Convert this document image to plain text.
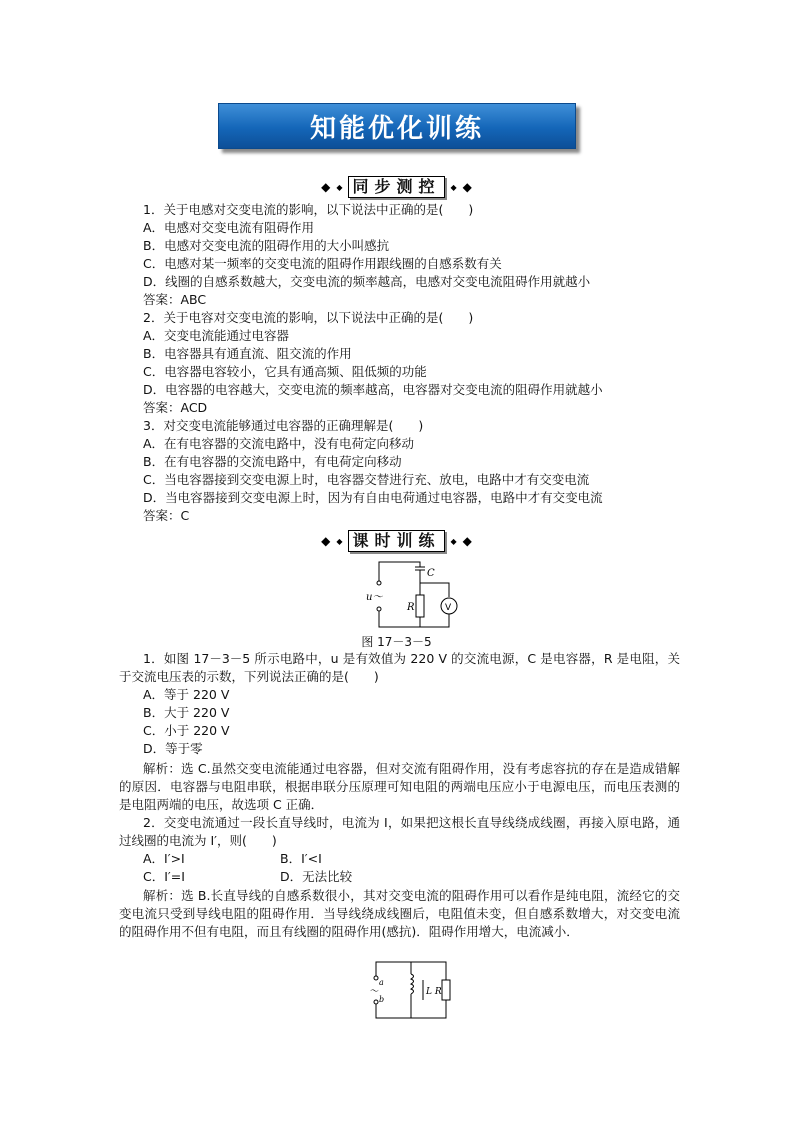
知能优化训练
◆ ◆ 同步测控	◆ ◆
1．关于电感对交变电流的影响，以下说法中正确的是(　　)
A．电感对交变电流有阻碍作用
B．电感对交变电流的阻碍作用的大小叫感抗
C．电感对某一频率的交变电流的阻碍作用跟线圈的自感系数有关
D．线圈的自感系数越大，交变电流的频率越高，电感对交变电流阻碍作用就越小
答案：ABC
2．关于电容对交变电流的影响，以下说法中正确的是(　　)
A．交变电流能通过电容器
B．电容器具有通直流、阻交流的作用
C．电容器电容较小，它具有通高频、阻低频的功能
D．电容器的电容越大，交变电流的频率越高，电容器对交变电流的阻碍作用就越小
答案：ACD
3．对交变电流能够通过电容器的正确理解是(　　)
A．在有电容器的交流电路中，没有电荷定向移动
B．在有电容器的交流电路中，有电荷定向移动
C．当电容器接到交变电源上时，电容器交替进行充、放电，电路中才有交变电流
D．当电容器接到交变电源上时，因为有自由电荷通过电容器，电路中才有交变电流
答案：C
◆ ◆ 课时训练	◆ ◆
u～
C
R	V
图 17－3－5
1．如图 17－3－5 所示电路中，u 是有效值为 220 V 的交流电源，C 是电容器，R 是电阻，关于交流电压表的示数，下列说法正确的是(　　)
A．等于 220 V
B．大于 220 V
C．小于 220 V
D．等于零
解析：选 C.虽然交变电流能通过电容器，但对交流有阻碍作用，没有考虑容抗的存在是造成错解的原因．电容器与电阻串联，根据串联分压原理可知电阻的两端电压应小于电源电压，而电压表测的是电阻两端的电压，故选项 C 正确．
2．交变电流通过一段长直导线时，电流为 I，如果把这根长直导线绕成线圈，再接入原电路，通过线圈的电流为 I′，则(　　)
A．I′>I	B．I′<I
C．I′=I	D．无法比较
解析：选 B.长直导线的自感系数很小，其对交变电流的阻碍作用可以看作是纯电阻，流经它的交变电流只受到导线电阻的阻碍作用．当导线绕成线圈后，电阻值未变，但自感系数增大，对交变电流的阻碍作用不但有电阻，而且有线圈的阻碍作用(感抗)．阻碍作用增大，电流减小．
a
～
b
L R
